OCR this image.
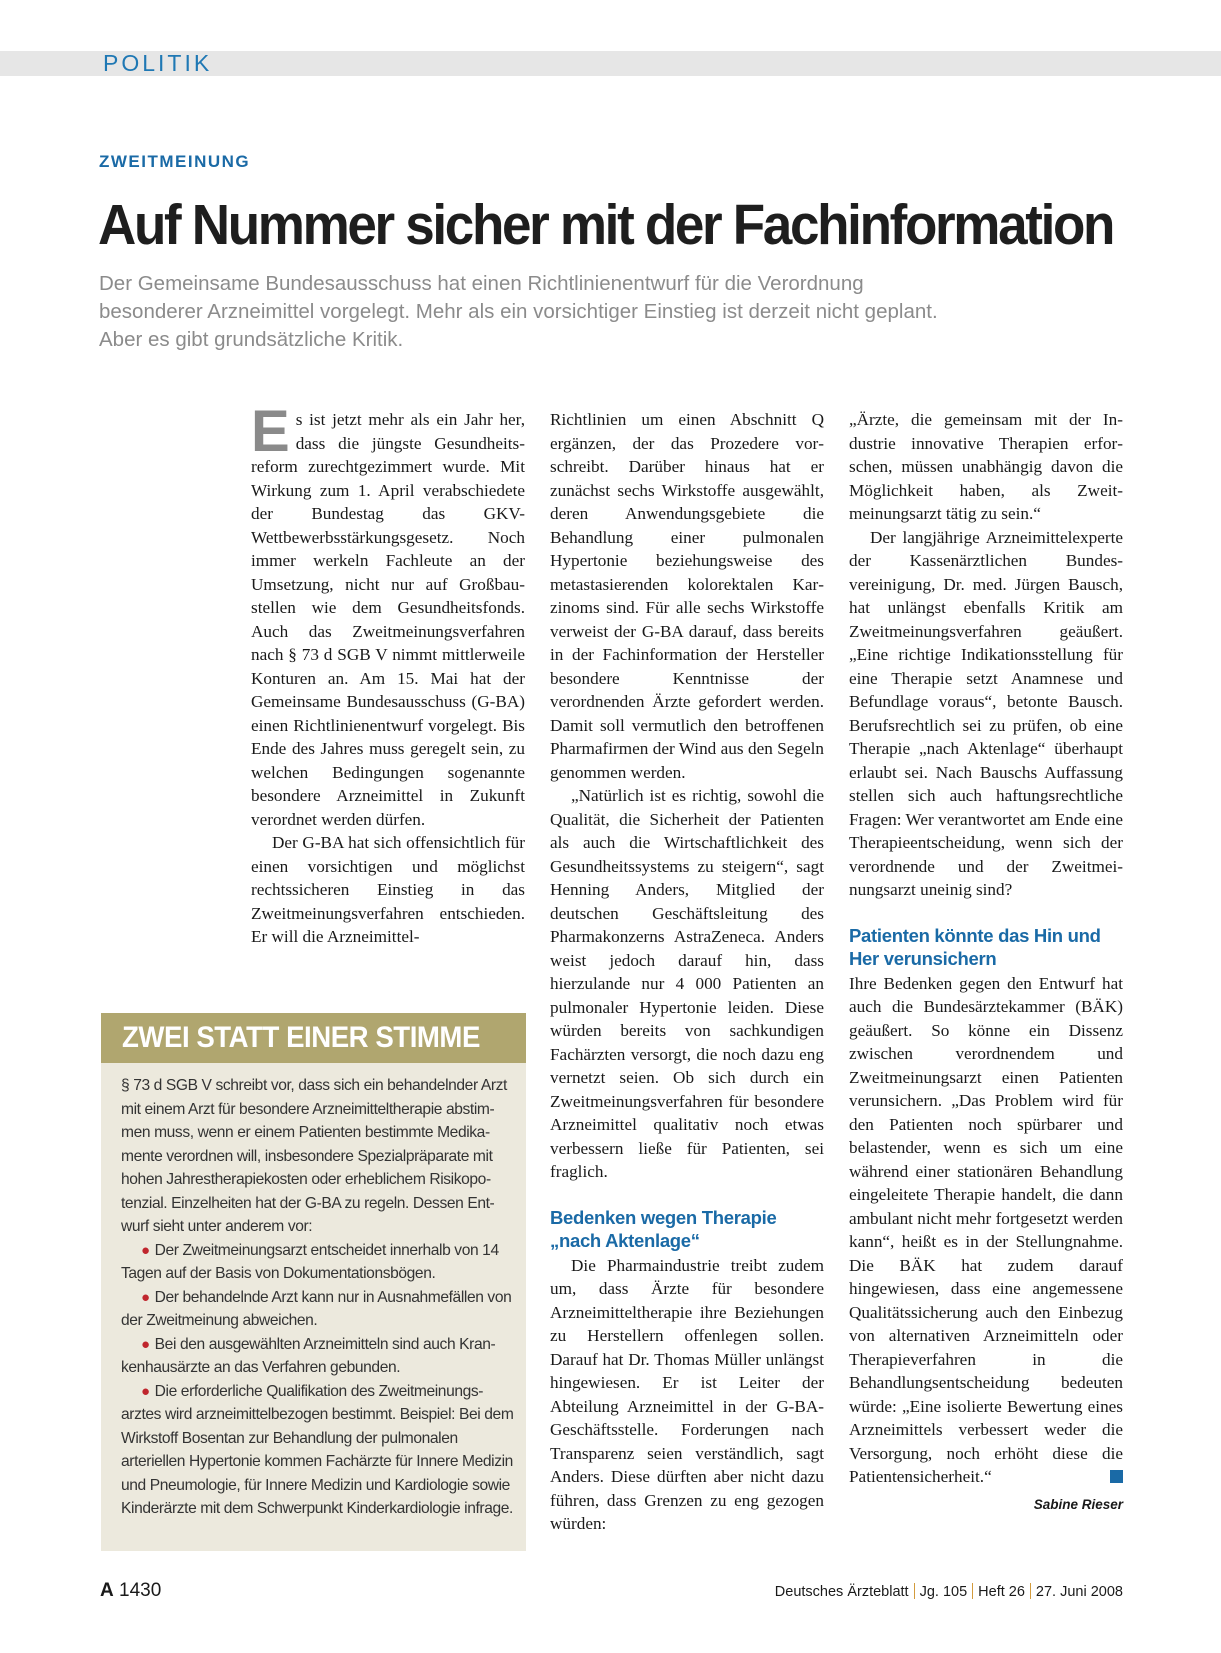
POLITIK
ZWEITMEINUNG
Auf Nummer sicher mit der Fachinformation
Der Gemeinsame Bundesausschuss hat einen Richtlinienentwurf für die Verordnung
besonderer Arzneimittel vorgelegt. Mehr als ein vorsichtiger Einstieg ist derzeit nicht geplant.
Aber es gibt grundsätzliche Kritik.

Es ist jetzt mehr als ein Jahr her, dass die jüngste Gesundheitsreform zurechtgezimmert wurde. Mit Wirkung zum 1. April verabschiedete der Bundestag das GKV-Wettbewerbsstärkungsgesetz. Noch immer werkeln Fachleute an der Umsetzung, nicht nur auf Großbaustellen wie dem Gesundheitsfonds. Auch das Zweitmeinungsverfahren nach § 73 d SGB V nimmt mittlerweile Konturen an. Am 15. Mai hat der Gemeinsame Bundesausschuss (G-BA) einen Richtlinienentwurf vorgelegt. Bis Ende des Jahres muss geregelt sein, zu welchen Bedingungen sogenannte besondere Arzneimittel in Zukunft verordnet werden dürfen.

Der G-BA hat sich offensichtlich für einen vorsichtigen und möglichst rechtssicheren Einstieg in das Zweitmeinungsverfahren entschieden. Er will die Arzneimittel-

Richtlinien um einen Abschnitt Q ergänzen, der das Prozedere vorschreibt. Darüber hinaus hat er zunächst sechs Wirkstoffe ausgewählt, deren Anwendungsgebiete die Behandlung einer pulmonalen Hypertonie beziehungsweise des metastasierenden kolorektalen Karzinoms sind. Für alle sechs Wirkstoffe verweist der G-BA darauf, dass bereits in der Fachinformation der Hersteller besondere Kenntnisse der verordnenden Ärzte gefordert werden. Damit soll vermutlich den betroffenen Pharmafirmen der Wind aus den Segeln genommen werden.

„Natürlich ist es richtig, sowohl die Qualität, die Sicherheit der Patienten als auch die Wirtschaftlichkeit des Gesundheitssystems zu steigern“, sagt Henning Anders, Mitglied der deutschen Geschäftsleitung des Pharmakonzerns AstraZeneca. Anders weist jedoch darauf hin, dass hierzulande nur 4 000 Patienten an pulmonaler Hypertonie leiden. Diese würden bereits von sachkundigen Fachärzten versorgt, die noch dazu eng vernetzt seien. Ob sich durch ein Zweitmeinungsverfahren für besondere Arzneimittel qualitativ noch etwas verbessern ließe für Patienten, sei fraglich.

Bedenken wegen Therapie „nach Aktenlage“

Die Pharmaindustrie treibt zudem um, dass Ärzte für besondere Arzneimitteltherapie ihre Beziehungen zu Herstellern offenlegen sollen. Darauf hat Dr. Thomas Müller unlängst hingewiesen. Er ist Leiter der Abteilung Arzneimittel in der G-BA-Geschäftsstelle. Forderungen nach Transparenz seien verständlich, sagt Anders. Diese dürften aber nicht dazu führen, dass Grenzen zu eng gezogen würden:

„Ärzte, die gemeinsam mit der Industrie innovative Therapien erforschen, müssen unabhängig davon die Möglichkeit haben, als Zweitmeinungsarzt tätig zu sein.“

Der langjährige Arzneimittelexperte der Kassenärztlichen Bundesvereinigung, Dr. med. Jürgen Bausch, hat unlängst ebenfalls Kritik am Zweitmeinungsverfahren geäußert. „Eine richtige Indikationsstellung für eine Therapie setzt Anamnese und Befundlage voraus“, betonte Bausch. Berufsrechtlich sei zu prüfen, ob eine Therapie „nach Aktenlage“ überhaupt erlaubt sei. Nach Bauschs Auffassung stellen sich auch haftungsrechtliche Fragen: Wer verantwortet am Ende eine Therapieentscheidung, wenn sich der verordnende und der Zweitmeinungsarzt uneinig sind?

Patienten könnte das Hin und Her verunsichern

Ihre Bedenken gegen den Entwurf hat auch die Bundesärztekammer (BÄK) geäußert. So könne ein Dissenz zwischen verordnendem und Zweitmeinungsarzt einen Patienten verunsichern. „Das Problem wird für den Patienten noch spürbarer und belastender, wenn es sich um eine während einer stationären Behandlung eingeleitete Therapie handelt, die dann ambulant nicht mehr fortgesetzt werden kann“, heißt es in der Stellungnahme. Die BÄK hat zudem darauf hingewiesen, dass eine angemessene Qualitätssicherung auch den Einbezug von alternativen Arzneimitteln oder Therapieverfahren in die Behandlungsentscheidung bedeuten würde: „Eine isolierte Bewertung eines Arzneimittels verbessert weder die Versorgung, noch erhöht diese die Patientensicherheit.“

Sabine Rieser
ZWEI STATT EINER STIMME

§ 73 d SGB V schreibt vor, dass sich ein behandelnder Arzt mit einem Arzt für besondere Arzneimitteltherapie abstimmen muss, wenn er einem Patienten bestimmte Medikamente verordnen will, insbesondere Spezialpräparate mit hohen Jahrestherapiekosten oder erheblichem Risikopotenzial. Einzelheiten hat der G-BA zu regeln. Dessen Entwurf sieht unter anderem vor:

● Der Zweitmeinungsarzt entscheidet innerhalb von 14 Tagen auf der Basis von Dokumentationsbögen.

● Der behandelnde Arzt kann nur in Ausnahmefällen von der Zweitmeinung abweichen.

● Bei den ausgewählten Arzneimitteln sind auch Krankenhausärzte an das Verfahren gebunden.

● Die erforderliche Qualifikation des Zweitmeinungsarztes wird arzneimittelbezogen bestimmt. Beispiel: Bei dem Wirkstoff Bosentan zur Behandlung der pulmonalen arteriellen Hypertonie kommen Fachärzte für Innere Medizin und Pneumologie, für Innere Medizin und Kardiologie sowie Kinderärzte mit dem Schwerpunkt Kinderkardiologie infrage.

A 1430	Deutsches Ärzteblatt Jg. 105 Heft 26 27. Juni 2008
